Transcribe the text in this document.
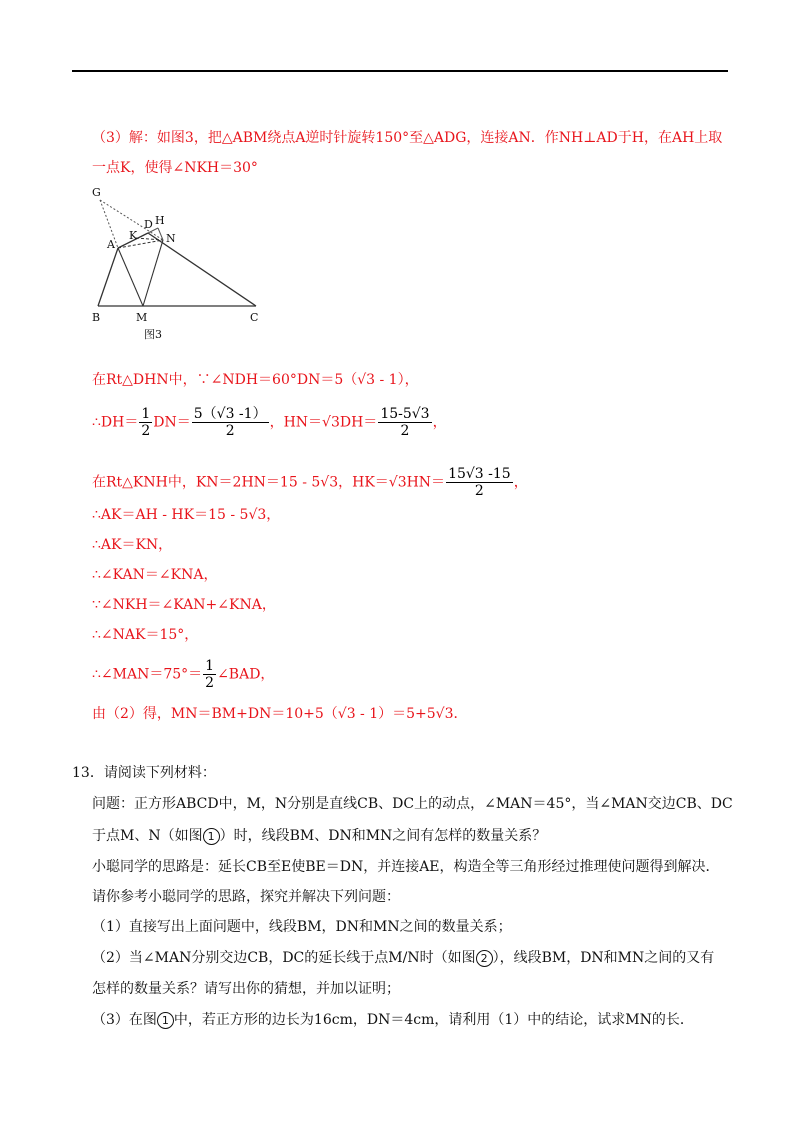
（3）解：如图3，把△ABM绕点A逆时针旋转150°至△ADG，连接AN．作NH⊥AD于H，在AH上取
一点K，使得∠NKH＝30°
G
D H
A
K	N
B	M	C
图3
在Rt△DHN中，∵∠NDH＝60°DN＝5（√3 - 1），
∴DH＝ $\frac{1}{2} DN= \frac{5(√3 -1)}{2}$ ，$HN=√3DH= \frac{15-5√3}{2}$ ，
在Rt△KNH中，KN＝2HN＝15 - 5√3，$HK=√3HN= \frac{15√3 -15}{2}$ ，
∴AK＝AH - HK＝15 - 5√3，
∴AK＝KN，
∴∠KAN＝∠KNA，
∵∠NKH＝∠KAN+∠KNA，
∴∠NAK＝15°，
∴∠MAN＝75°＝ $\frac{1}{2}$ ∠BAD，
由（2）得，MN＝BM+DN＝10+5（√3 - 1）＝5+5√3．
13．请阅读下列材料：
问题：正方形ABCD中，M，N分别是直线CB、DC上的动点，∠MAN＝45°，当∠MAN交边CB、DC
于点M、N（如图 1 ）时，线段BM、DN和MN之间有怎样的数量关系？
小聪同学的思路是：延长CB至E使BE＝DN，并连接AE，构造全等三角形经过推理使问题得到解决．
请你参考小聪同学的思路，探究并解决下列问题：
（1）直接写出上面问题中，线段BM，DN和MN之间的数量关系；
（2）当∠MAN分别交边CB，DC的延长线于点M/N时（如图 2 ），线段BM，DN和MN之间的又有
怎样的数量关系？请写出你的猜想，并加以证明；
（3）在图 1 中，若正方形的边长为16cm，DN＝4cm，请利用（1）中的结论，试求MN的长．
